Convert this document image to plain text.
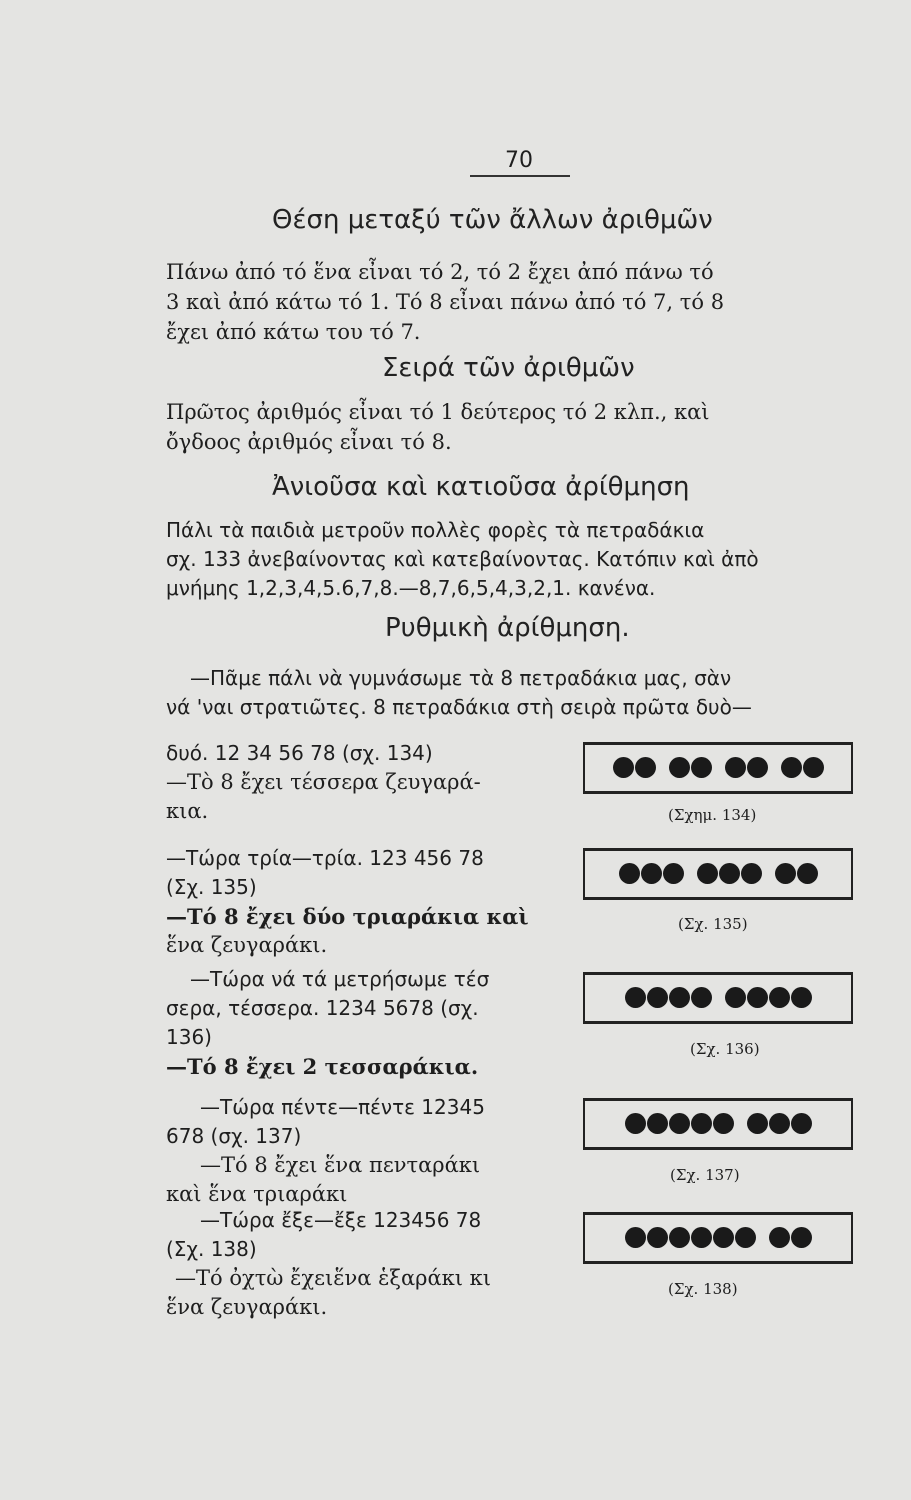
70
Θέση μεταξύ τῶν ἄλλων ἀριθμῶν
Πάνω ἀπό τό ἕνα εἶναι τό 2, τό 2 ἔχει ἀπό πάνω τό
3 καὶ ἀπό κάτω τό 1. Τό 8 εἶναι πάνω ἀπό τό 7, τό 8
ἔχει ἀπό κάτω του τό 7.
Σειρά τῶν ἀριθμῶν
Πρῶτος ἀριθμός εἶναι τό 1 δεύτερος τό 2 κλπ., καὶ
ὄγδοος ἀριθμός εἶναι τό 8.
Ἀνιοῦσα καὶ κατιοῦσα ἀρίθμηση
Πάλι τὰ παιδιὰ μετροῦν πολλὲς φορὲς τὰ πετραδάκια
σχ. 133 ἀνεβαίνοντας καὶ κατεβαίνοντας. Κατόπιν καὶ ἀπὸ
μνήμης 1,2,3,4,5.6,7,8.—8,7,6,5,4,3,2,1. κανένα.
Ρυθμικὴ ἀρίθμηση.
—Πᾶμε πάλι νὰ γυμνάσωμε τὰ 8 πετραδάκια μας, σὰν
νά 'ναι στρατιῶτες. 8 πετραδάκια στὴ σειρὰ πρῶτα δυὸ—
δυό. 12 34 56 78 (σχ. 134)
—Τὸ 8 ἔχει τέσσερα ζευγαρά-
κια.
—Τώρα τρία—τρία. 123 456 78
(Σχ. 135)
—Τό 8 ἔχει δύο τριαράκια καὶ
ἕνα ζευγαράκι.
—Τώρα νά τά μετρήσωμε τέσ
σερα, τέσσερα. 1234 5678 (σχ.
136)
—Τό 8 ἔχει 2 τεσσαράκια.
—Τώρα πέντε—πέντε 12345
678 (σχ. 137)
—Τό 8 ἔχει ἕνα πενταράκι
καὶ ἕνα τριαράκι
—Τώρα ἔξε—ἔξε 123456 78
(Σχ. 138)
—Τό ὀχτὼ ἔχειἕνα ἑξαράκι κι
ἕνα ζευγαράκι.
(Σχημ. 134)
(Σχ. 135)
(Σχ. 136)
(Σχ. 137)
(Σχ. 138)
